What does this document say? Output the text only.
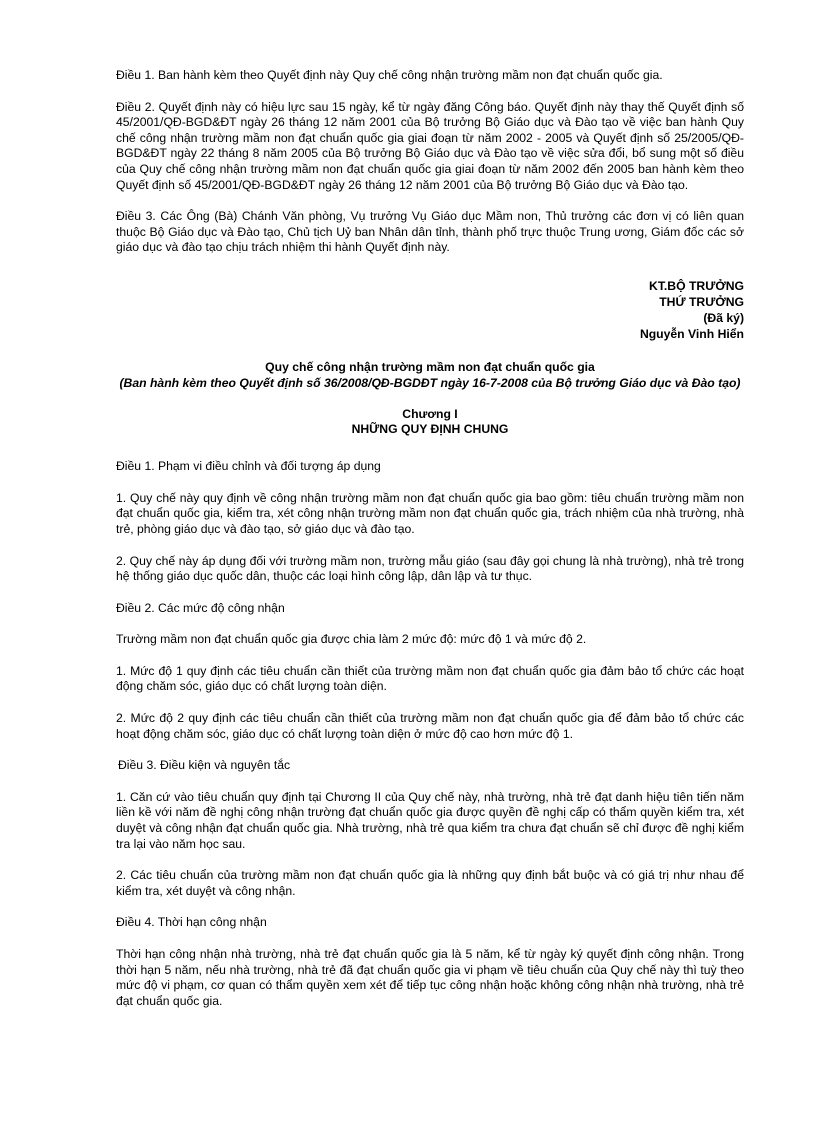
Điều 1. Ban hành kèm theo Quyết định này Quy chế công nhận trường mầm non đạt chuẩn quốc gia.

Điều 2. Quyết định này có hiệu lực sau 15 ngày, kể từ ngày đăng Công báo. Quyết định này thay thế Quyết định số 45/2001/QĐ-BGD&ĐT ngày 26 tháng 12 năm 2001 của Bộ trưởng Bộ Giáo dục và Đào tạo về việc ban hành Quy chế công nhận trường mầm non đạt chuẩn quốc gia giai đoạn từ năm 2002 - 2005 và Quyết định số 25/2005/QĐ-BGD&ĐT ngày 22 tháng 8 năm 2005 của Bộ trưởng Bộ Giáo dục và Đào tạo về việc sửa đổi, bổ sung một số điều của Quy chế công nhận trường mầm non đạt chuẩn quốc gia giai đoạn từ năm 2002 đến 2005 ban hành kèm theo Quyết định số 45/2001/QĐ-BGD&ĐT ngày 26 tháng 12 năm 2001 của Bộ trưởng Bộ Giáo dục và Đào tạo.

Điều 3. Các Ông (Bà) Chánh Văn phòng, Vụ trưởng Vụ Giáo dục Mầm non, Thủ trưởng các đơn vị có liên quan thuộc Bộ Giáo dục và Đào tạo, Chủ tịch Uỷ ban Nhân dân tỉnh, thành phố trực thuộc Trung ương, Giám đốc các sở giáo dục và đào tạo chịu trách nhiệm thi hành Quyết định này.

KT.BỘ TRƯỞNG
THỨ TRƯỞNG
(Đã ký)
Nguyễn Vinh Hiển
Quy chế công nhận trường mầm non đạt chuẩn quốc gia
(Ban hành kèm theo Quyết định số 36/2008/QĐ-BGDĐT ngày 16-7-2008 của Bộ trưởng Giáo dục và Đào tạo)
Chương I
NHỮNG QUY ĐỊNH CHUNG

Điều 1. Phạm vi điều chỉnh và đối tượng áp dụng

1. Quy chế này quy định về công nhận trường mầm non đạt chuẩn quốc gia bao gồm: tiêu chuẩn trường mầm non đạt chuẩn quốc gia, kiểm tra, xét công nhận trường mầm non đạt chuẩn quốc gia, trách nhiệm của nhà trường, nhà trẻ, phòng giáo dục và đào tạo, sở giáo dục và đào tạo.

2. Quy chế này áp dụng đối với trường mầm non, trường mẫu giáo (sau đây gọi chung là nhà trường), nhà trẻ trong hệ thống giáo dục quốc dân, thuộc các loại hình công lập, dân lập và tư thục.

Điều 2. Các mức độ công nhận

Trường mầm non đạt chuẩn quốc gia được chia làm 2 mức độ: mức độ 1 và mức độ 2.

1. Mức độ 1 quy định các tiêu chuẩn cần thiết của trường mầm non đạt chuẩn quốc gia đảm bảo tổ chức các hoạt động chăm sóc, giáo dục có chất lượng toàn diện.

2. Mức độ 2 quy định các tiêu chuẩn cần thiết của trường mầm non đạt chuẩn quốc gia để đảm bảo tổ chức các hoạt động chăm sóc, giáo dục có chất lượng toàn diện ở mức độ cao hơn mức độ 1.

Điều 3. Điều kiện và nguyên tắc

1. Căn cứ vào tiêu chuẩn quy định tại Chương II của Quy chế này, nhà trường, nhà trẻ đạt danh hiệu tiên tiến năm liền kề với năm đề nghị công nhận trường đạt chuẩn quốc gia được quyền đề nghị cấp có thẩm quyền kiểm tra, xét duyệt và công nhận đạt chuẩn quốc gia. Nhà trường, nhà trẻ qua kiểm tra chưa đạt chuẩn sẽ chỉ được đề nghị kiểm tra lại vào năm học sau.

2. Các tiêu chuẩn của trường mầm non đạt chuẩn quốc gia là những quy định bắt buộc và có giá trị như nhau để kiểm tra, xét duyệt và công nhận.

Điều 4. Thời hạn công nhận

Thời hạn công nhận nhà trường, nhà trẻ đạt chuẩn quốc gia là 5 năm, kể từ ngày ký quyết định công nhận. Trong thời hạn 5 năm, nếu nhà trường, nhà trẻ đã đạt chuẩn quốc gia vi phạm về tiêu chuẩn của Quy chế này thì tuỳ theo mức độ vi phạm, cơ quan có thẩm quyền xem xét để tiếp tục công nhận hoặc không công nhận nhà trường, nhà trẻ đạt chuẩn quốc gia.
